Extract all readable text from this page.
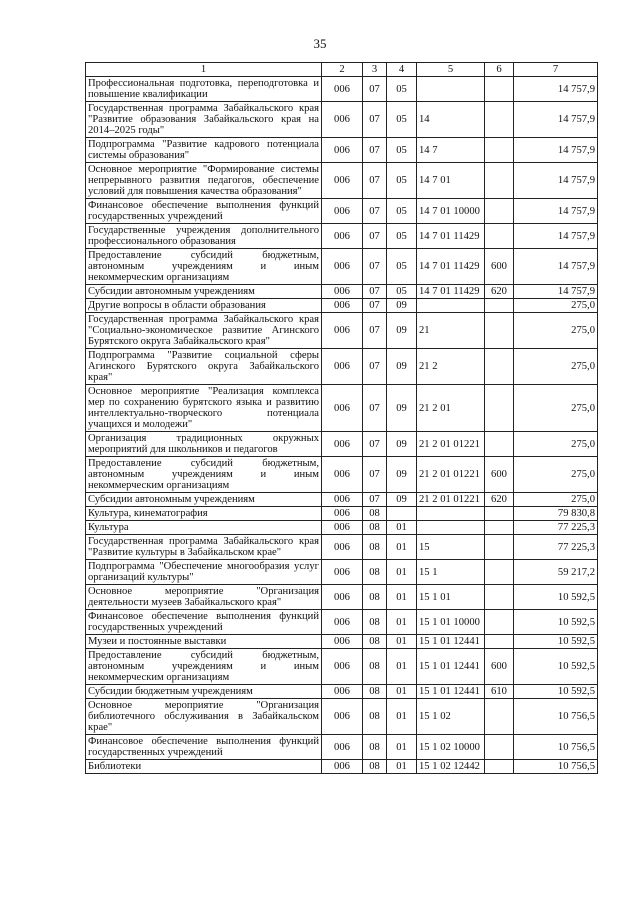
35
1	2	3	4	5	6	7
Профессиональная подготовка, переподготовка и повышение квалификации	006	07	05			14 757,9
Государственная программа Забайкальского края "Развитие образования Забайкальского края на 2014–2025 годы"	006	07	05	14		14 757,9
Подпрограмма "Развитие кадрового потенциала системы образования"	006	07	05	14 7		14 757,9
Основное мероприятие "Формирование системы непрерывного развития педагогов, обеспечение условий для повышения качества образования"	006	07	05	14 7 01		14 757,9
Финансовое обеспечение выполнения функций государственных учреждений	006	07	05	14 7 01 10000		14 757,9
Государственные учреждения дополнительного профессионального образования	006	07	05	14 7 01 11429		14 757,9
Предоставление субсидий бюджетным, автономным учреждениям и иным некоммерческим организациям	006	07	05	14 7 01 11429	600	14 757,9
Субсидии автономным учреждениям	006	07	05	14 7 01 11429	620	14 757,9
Другие вопросы в области образования	006	07	09			275,0
Государственная программа Забайкальского края "Социально-экономическое развитие Агинского Бурятского округа Забайкальского края"	006	07	09	21		275,0
Подпрограмма "Развитие социальной сферы Агинского Бурятского округа Забайкальского края"	006	07	09	21 2		275,0
Основное мероприятие "Реализация комплекса мер по сохранению бурятского языка и развитию интеллектуально-творческого потенциала учащихся и молодежи"	006	07	09	21 2 01		275,0
Организация традиционных окружных мероприятий для школьников и педагогов	006	07	09	21 2 01 01221		275,0
Предоставление субсидий бюджетным, автономным учреждениям и иным некоммерческим организациям	006	07	09	21 2 01 01221	600	275,0
Субсидии автономным учреждениям	006	07	09	21 2 01 01221	620	275,0
Культура, кинематография	006	08				79 830,8
Культура	006	08	01			77 225,3
Государственная программа Забайкальского края "Развитие культуры в Забайкальском крае"	006	08	01	15		77 225,3
Подпрограмма "Обеспечение многообразия услуг организаций культуры"	006	08	01	15 1		59 217,2
Основное мероприятие "Организация деятельности музеев Забайкальского края"	006	08	01	15 1 01		10 592,5
Финансовое обеспечение выполнения функций государственных учреждений	006	08	01	15 1 01 10000		10 592,5
Музеи и постоянные выставки	006	08	01	15 1 01 12441		10 592,5
Предоставление субсидий бюджетным, автономным учреждениям и иным некоммерческим организациям	006	08	01	15 1 01 12441	600	10 592,5
Субсидии бюджетным учреждениям	006	08	01	15 1 01 12441	610	10 592,5
Основное мероприятие "Организация библиотечного обслуживания в Забайкальском крае"	006	08	01	15 1 02		10 756,5
Финансовое обеспечение выполнения функций государственных учреждений	006	08	01	15 1 02 10000		10 756,5
Библиотеки	006	08	01	15 1 02 12442		10 756,5
